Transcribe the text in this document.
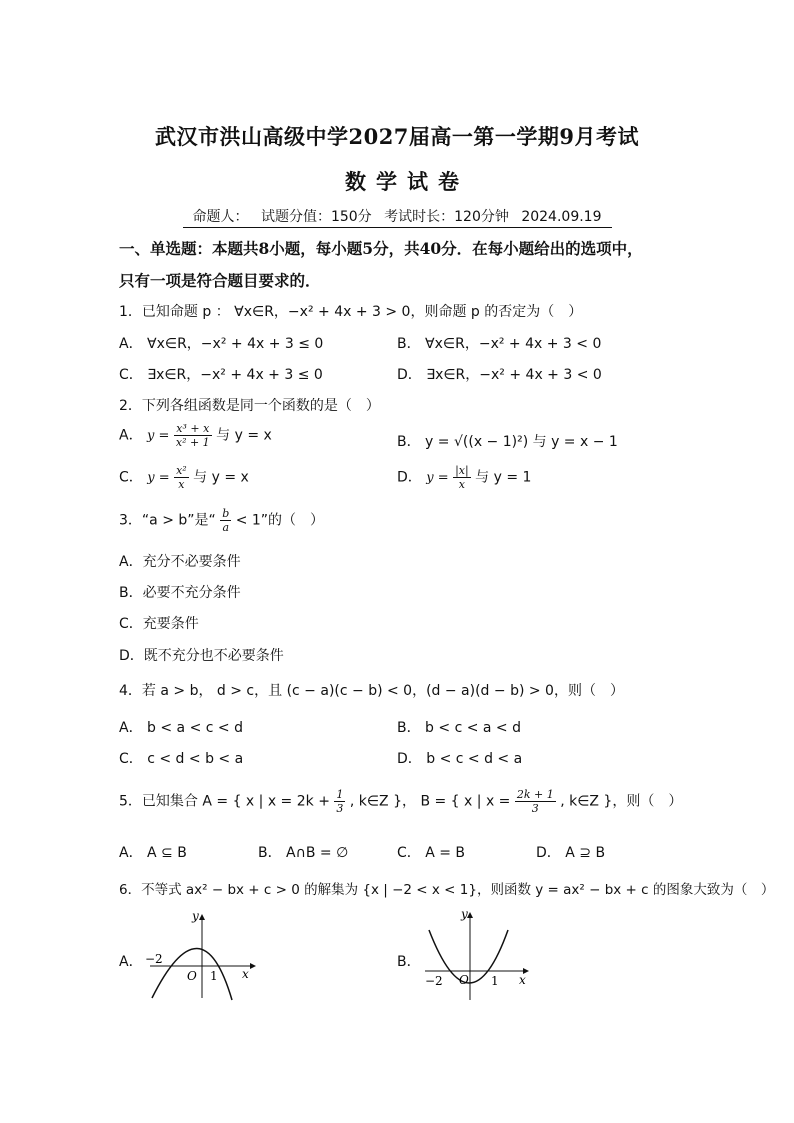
武汉市洪山高级中学2027届高一第一学期9月考试
数学试卷
命题人： 试题分值：150分 考试时长：120分钟 2024.09.19
一、单选题：本题共8小题，每小题5分，共40分．在每小题给出的选项中，
只有一项是符合题目要求的．
1．已知命题 p ： ∀x∈R，−x² + 4x + 3 > 0，则命题 p 的否定为（　）
A． ∀x∈R，−x² + 4x + 3 ≤ 0	B． ∀x∈R，−x² + 4x + 3 < 0
C． ∃x∈R，−x² + 4x + 3 ≤ 0	D． ∃x∈R，−x² + 4x + 3 < 0
2．下列各组函数是同一个函数的是（　）
A． $y = \frac{\text{x³ + x}}{\text{x² + 1}}$ 与 y = x	B． y = √((x − 1)²) 与 y = x − 1
C． $y = \frac{\text{x²}}{x}$ 与 y = x	D． $y = \frac{|x|}{x}$ 与 y = 1
3．“a > b”是“ $\frac{b}{a} < 1$”的（　）
A．充分不必要条件
B．必要不充分条件
C．充要条件
D．既不充分也不必要条件
4．若 a > b， d > c，且 (c − a)(c − b) < 0，(d − a)(d − b) > 0，则（　）
A． b < a < c < d	B． b < c < a < d
C． c < d < b < a	D． b < c < d < a
5．已知集合 A = { x | $x = 2k + \frac{1}{3}$ , k∈Z }， B = { x | $x = \frac{2k + 1}{3}$ , k∈Z }，则（　）
A． A ⊆ B	B． A∩B = ∅	C． A = B	D． A ⊇ B
6．不等式 ax² − bx + c > 0 的解集为 {x | −2 < x < 1}，则函数 y = ax² − bx + c 的图象大致为（　）
A．
y
x
O
−2
1
B．
y
x
O
−2	1
